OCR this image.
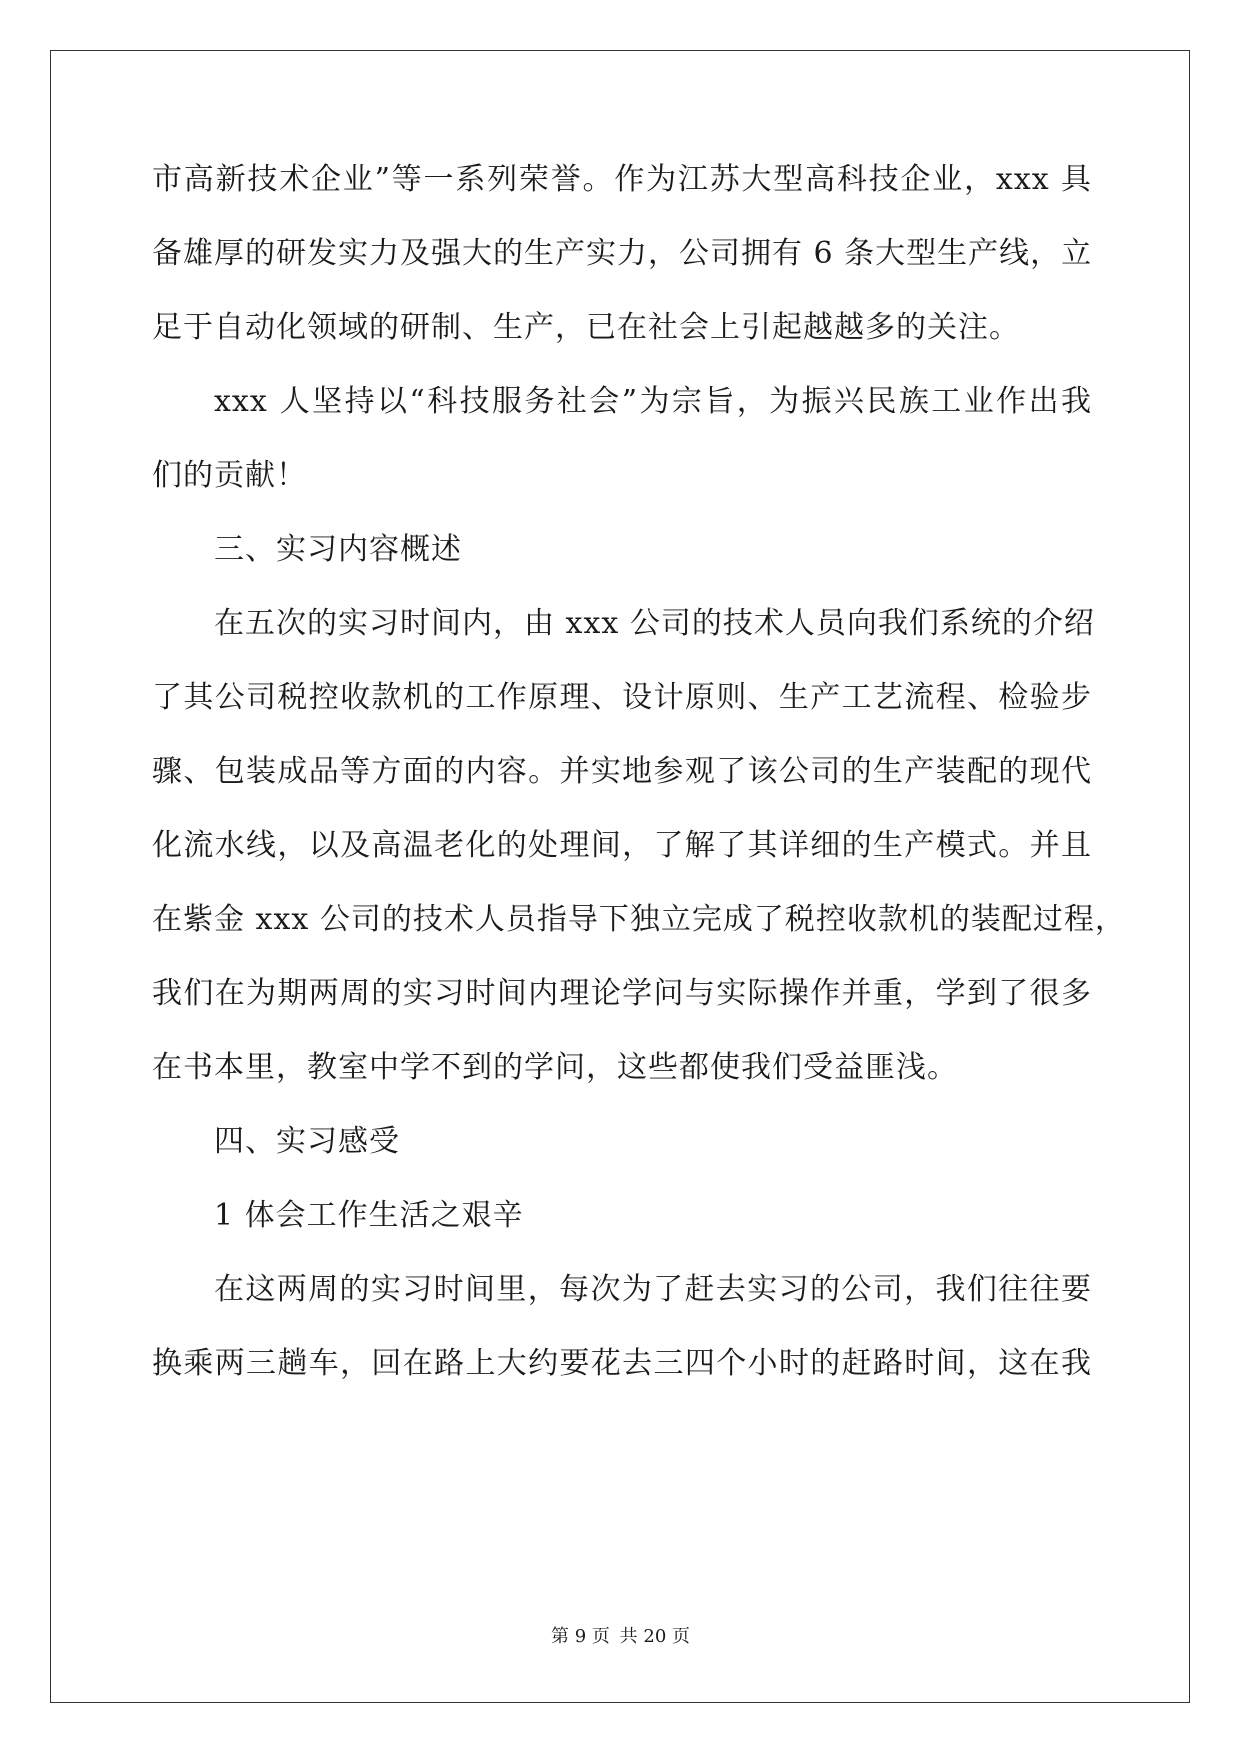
市高新技术企业”等一系列荣誉。作为江苏大型高科技企业，xxx 具
备雄厚的研发实力及强大的生产实力，公司拥有 6 条大型生产线，立
足于自动化领域的研制、生产，已在社会上引起越越多的关注。
xxx 人坚持以“科技服务社会”为宗旨，为振兴民族工业作出我
们的贡献！
三、实习内容概述
在五次的实习时间内，由 xxx 公司的技术人员向我们系统的介绍
了其公司税控收款机的工作原理、设计原则、生产工艺流程、检验步
骤、包装成品等方面的内容。并实地参观了该公司的生产装配的现代
化流水线，以及高温老化的处理间，了解了其详细的生产模式。并且
在紫金 xxx 公司的技术人员指导下独立完成了税控收款机的装配过程，
我们在为期两周的实习时间内理论学问与实际操作并重，学到了很多
在书本里，教室中学不到的学问，这些都使我们受益匪浅。
四、实习感受
1 体会工作生活之艰辛
在这两周的实习时间里，每次为了赶去实习的公司，我们往往要
换乘两三趟车，回在路上大约要花去三四个小时的赶路时间，这在我
第 9 页 共 20 页
